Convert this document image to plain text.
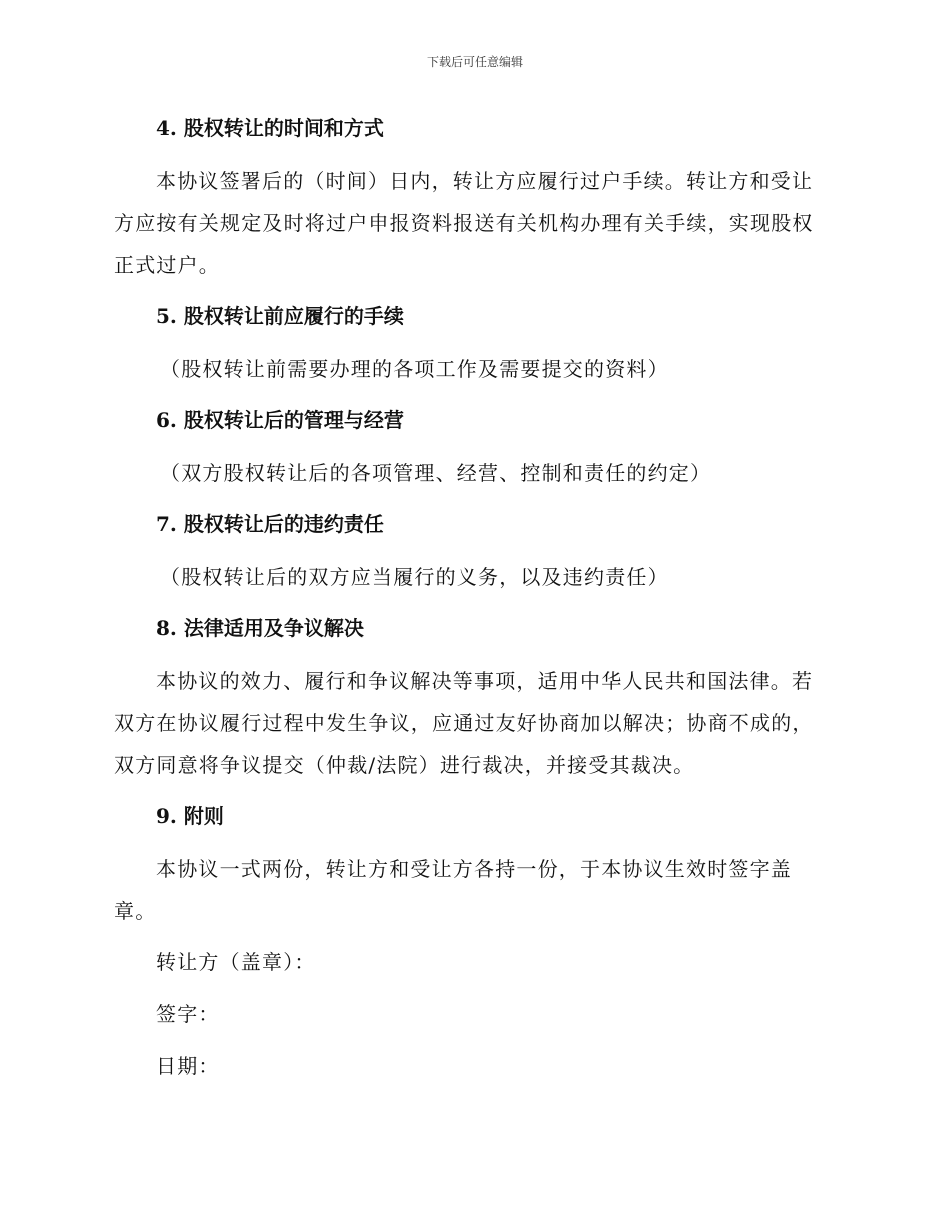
下载后可任意编辑
4. 股权转让的时间和方式

本协议签署后的（时间）日内，转让方应履行过户手续。转让方和受让方应按有关规定及时将过户申报资料报送有关机构办理有关手续，实现股权正式过户。

5. 股权转让前应履行的手续

（股权转让前需要办理的各项工作及需要提交的资料）

6. 股权转让后的管理与经营

（双方股权转让后的各项管理、经营、控制和责任的约定）

7. 股权转让后的违约责任

（股权转让后的双方应当履行的义务，以及违约责任）

8. 法律适用及争议解决

本协议的效力、履行和争议解决等事项，适用中华人民共和国法律。若双方在协议履行过程中发生争议，应通过友好协商加以解决；协商不成的，双方同意将争议提交（仲裁/法院）进行裁决，并接受其裁决。

9. 附则

本协议一式两份，转让方和受让方各持一份，于本协议生效时签字盖章。

转让方（盖章）：
签字：
日期：
